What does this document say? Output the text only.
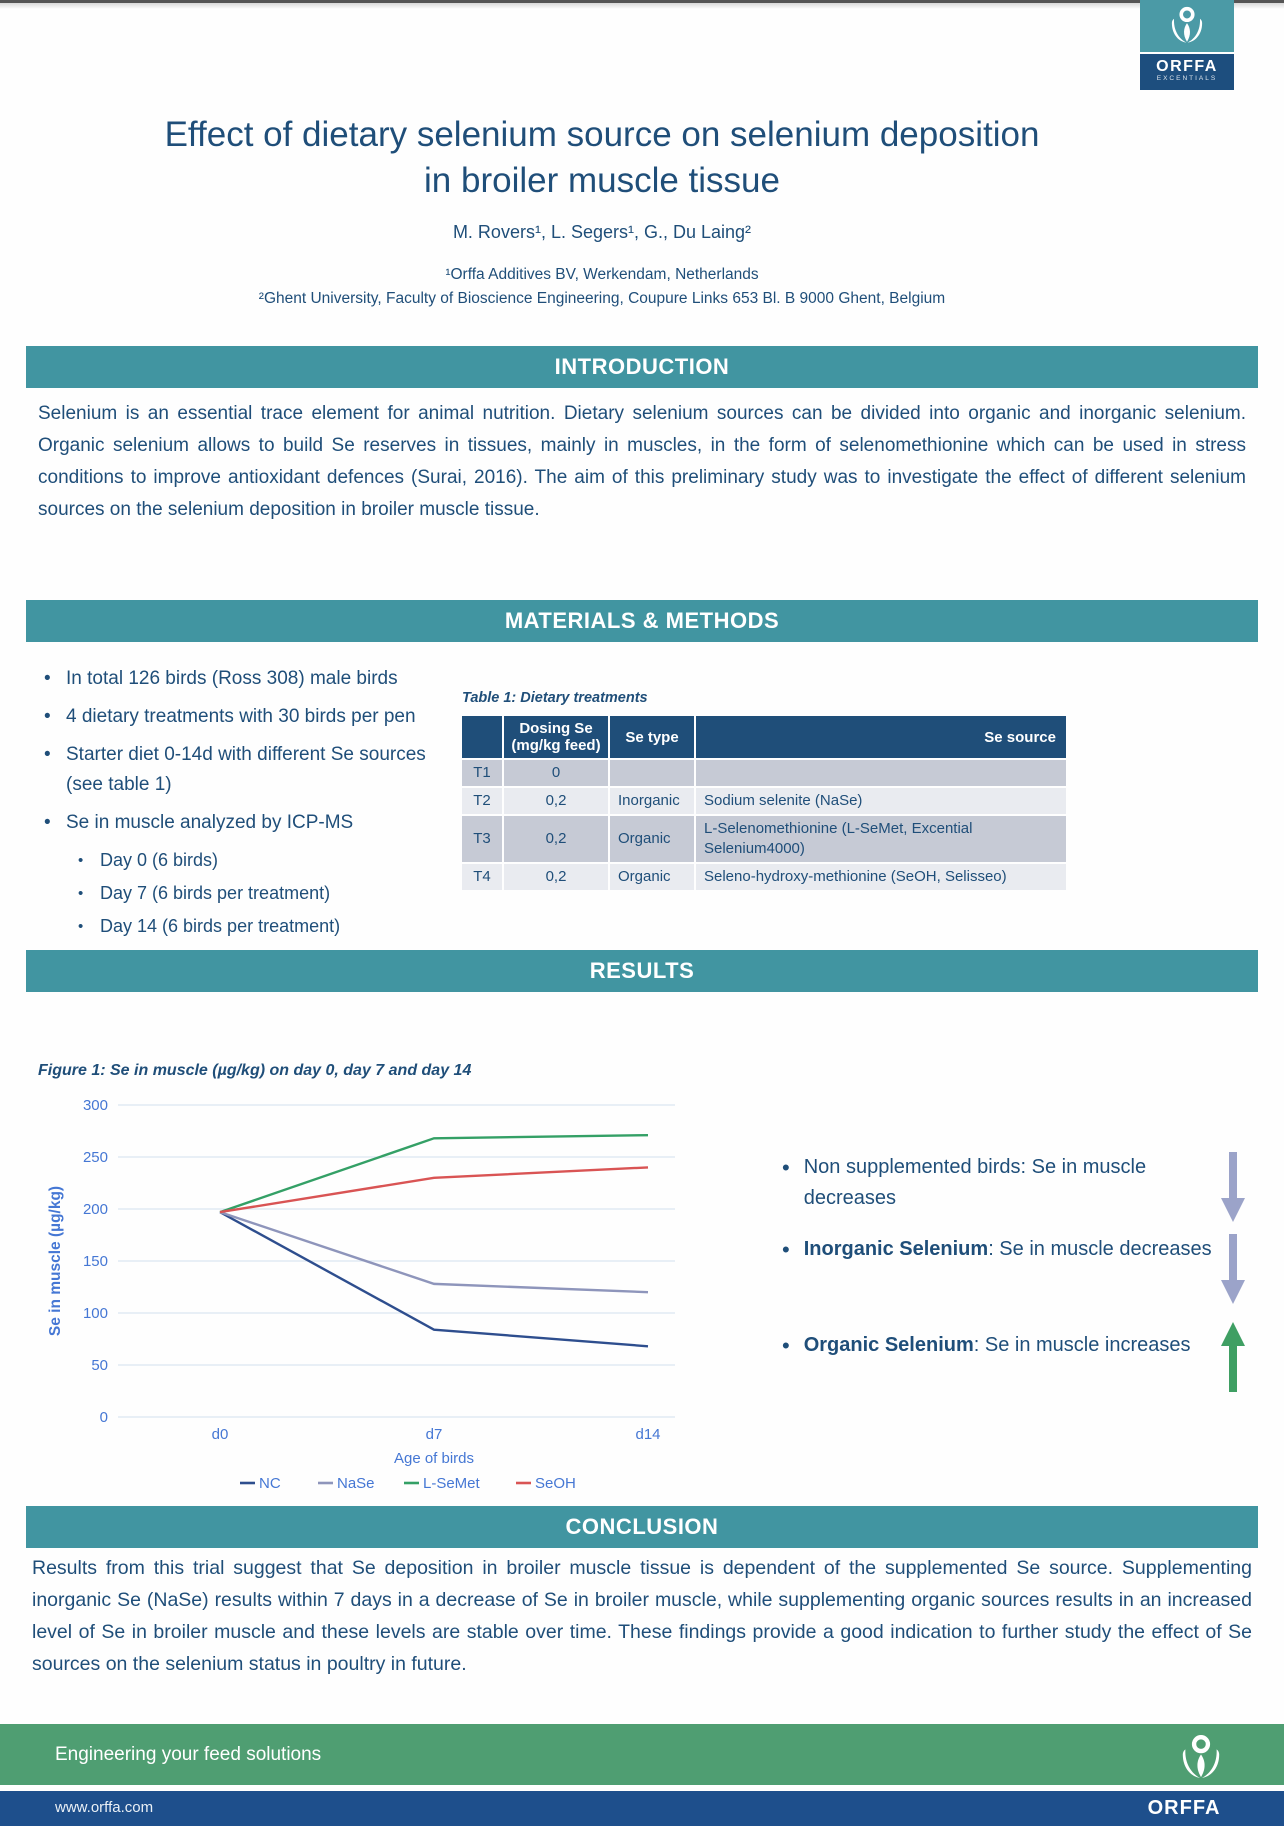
ORFFA
EXCENTIALS
Effect of dietary selenium source on selenium deposition in broiler muscle tissue
M. Rovers¹, L. Segers¹, G., Du Laing²
¹Orffa Additives BV, Werkendam, Netherlands
²Ghent University, Faculty of Bioscience Engineering, Coupure Links 653 Bl. B 9000 Ghent, Belgium
INTRODUCTION

Selenium is an essential trace element for animal nutrition. Dietary selenium sources can be divided into organic and inorganic selenium. Organic selenium allows to build Se reserves in tissues, mainly in muscles, in the form of selenomethionine which can be used in stress conditions to improve antioxidant defences (Surai, 2016). The aim of this preliminary study was to investigate the effect of different selenium sources on the selenium deposition in broiler muscle tissue.

MATERIALS & METHODS
• In total 126 birds (Ross 308) male birds
• 4 dietary treatments with 30 birds per pen
• Starter diet 0-14d with different Se sources (see table 1)
• Se in muscle analyzed by ICP-MS
• Day 0 (6 birds)
• Day 7 (6 birds per treatment)
• Day 14 (6 birds per treatment)
Table 1: Dietary treatments
	Dosing Se (mg/kg feed)	Se type	Se source
T1	0		
T2	0,2	Inorganic	Sodium selenite (NaSe)
T3	0,2	Organic	L-Selenomethionine (L-SeMet, Excential Selenium4000)
T4	0,2	Organic	Seleno-hydroxy-methionine (SeOH, Selisseo)
RESULTS
Figure 1: Se in muscle (µg/kg) on day 0, day 7 and day 14
0
50
100
150
200
250
300
d0	d7	d14
Age of birds
Se in muscle (µg/kg)
NC	NaSe	L-SeMet	SeOH
• Non supplemented birds: Se in muscle decreases

• Inorganic Selenium: Se in muscle decreases

• Organic Selenium: Se in muscle increases

CONCLUSION

Results from this trial suggest that Se deposition in broiler muscle tissue is dependent of the supplemented Se source. Supplementing inorganic Se (NaSe) results within 7 days in a decrease of Se in broiler muscle, while supplementing organic sources results in an increased level of Se in broiler muscle and these levels are stable over time. These findings provide a good indication to further study the effect of Se sources on the selenium status in poultry in future.

Engineering your feed solutions
www.orffa.com	ORFFA
